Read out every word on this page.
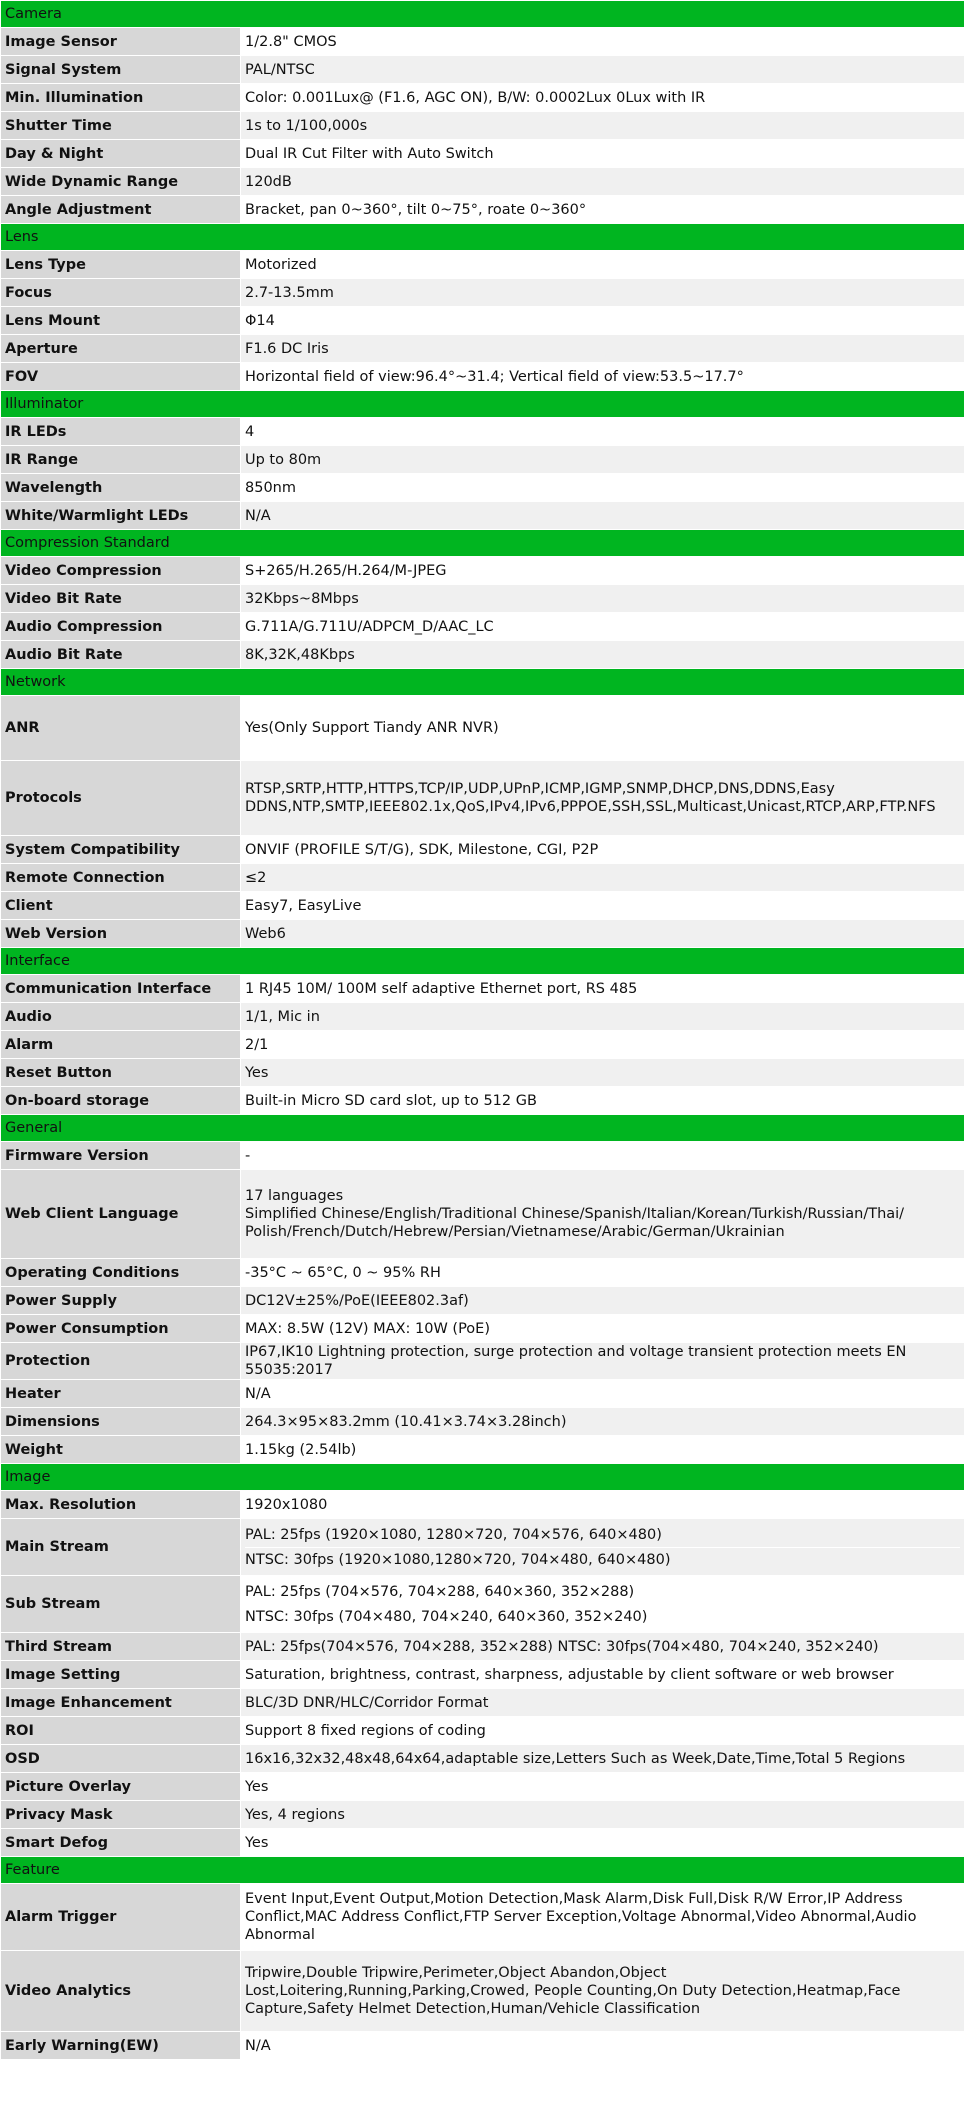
Camera	
Image Sensor	1/2.8" CMOS

Signal System	PAL/NTSC

Min. Illumination	Color: 0.001Lux@ (F1.6, AGC ON), B/W: 0.0002Lux 0Lux with IR

Shutter Time	1s to 1/100,000s

Day & Night	Dual IR Cut Filter with Auto Switch

Wide Dynamic Range	120dB

Angle Adjustment	Bracket, pan 0~360°, tilt 0~75°, roate 0~360°

Lens	
Lens Type	Motorized

Focus	2.7-13.5mm

Lens Mount	Φ14

Aperture	F1.6 DC Iris

FOV	Horizontal field of view:96.4°~31.4; Vertical field of view:53.5~17.7°

Illuminator	
IR LEDs	4

IR Range	Up to 80m

Wavelength	850nm

White/Warmlight LEDs	N/A

Compression Standard	
Video Compression	S+265/H.265/H.264/M-JPEG

Video Bit Rate	32Kbps~8Mbps

Audio Compression	G.711A/G.711U/ADPCM_D/AAC_LC

Audio Bit Rate	8K,32K,48Kbps

Network	
ANR	Yes(Only Support Tiandy ANR NVR)

Protocols	RTSP,SRTP,HTTP,HTTPS,TCP/IP,UDP,UPnP,ICMP,IGMP,SNMP,DHCP,DNS,DDNS,Easy
DDNS,NTP,SMTP,IEEE802.1x,QoS,IPv4,IPv6,PPPOE,SSH,SSL,Multicast,Unicast,RTCP,ARP,FTP.NFS

System Compatibility	ONVIF (PROFILE S/T/G), SDK, Milestone, CGI, P2P

Remote Connection	≤2

Client	Easy7, EasyLive

Web Version	Web6

Interface	
Communication Interface	1 RJ45 10M/ 100M self adaptive Ethernet port, RS 485

Audio	1/1, Mic in

Alarm	2/1

Reset Button	Yes

On-board storage	Built-in Micro SD card slot, up to 512 GB

General	
Firmware Version	-

Web Client Language	17 languages
Simplified Chinese/English/Traditional Chinese/Spanish/Italian/Korean/Turkish/Russian/Thai/
Polish/French/Dutch/Hebrew/Persian/Vietnamese/Arabic/German/Ukrainian

Operating Conditions	-35°C ~ 65°C, 0 ~ 95% RH

Power Supply	DC12V±25%/PoE(IEEE802.3af)

Power Consumption	MAX: 8.5W (12V) MAX: 10W (PoE)

Protection	IP67,IK10 Lightning protection, surge protection and voltage transient protection meets EN 55035:2017

Heater	N/A

Dimensions	264.3×95×83.2mm (10.41×3.74×3.28inch)

Weight	1.15kg (2.54lb)

Image	
Max. Resolution	1920x1080

Main Stream	PAL: 25fps (1920×1080, 1280×720, 704×576, 640×480)
NTSC: 30fps (1920×1080,1280×720, 704×480, 640×480)

Sub Stream	PAL: 25fps (704×576, 704×288, 640×360, 352×288)
NTSC: 30fps (704×480, 704×240, 640×360, 352×240)

Third Stream	PAL: 25fps(704×576, 704×288, 352×288) NTSC: 30fps(704×480, 704×240, 352×240)

Image Setting	Saturation, brightness, contrast, sharpness, adjustable by client software or web browser

Image Enhancement	BLC/3D DNR/HLC/Corridor Format

ROI	Support 8 fixed regions of coding

OSD	16x16,32x32,48x48,64x64,adaptable size,Letters Such as Week,Date,Time,Total 5 Regions

Picture Overlay	Yes

Privacy Mask	Yes, 4 regions

Smart Defog	Yes

Feature	
Alarm Trigger	Event Input,Event Output,Motion Detection,Mask Alarm,Disk Full,Disk R/W Error,IP Address
Conflict,MAC Address Conflict,FTP Server Exception,Voltage Abnormal,Video Abnormal,Audio
Abnormal

Video Analytics	Tripwire,Double Tripwire,Perimeter,Object Abandon,Object
Lost,Loitering,Running,Parking,Crowed, People Counting,On Duty Detection,Heatmap,Face
Capture,Safety Helmet Detection,Human/Vehicle Classification

Early Warning(EW)	N/A
